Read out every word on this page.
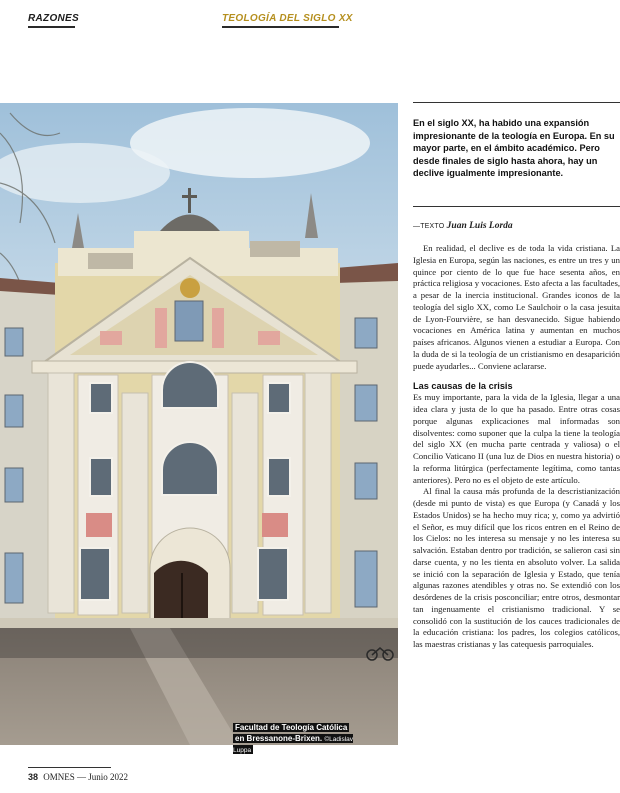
RAZONES	TEOLOGÍA DEL SIGLO XX
Facultad de Teología Católica
en Bressanone-Brixen. ©Ladislav Luppa
En el siglo XX, ha habido una expansión impresionante de la teología en Europa. En su mayor parte, en el ámbito académico. Pero desde finales de siglo hasta ahora, hay un declive igualmente impresionante.
—TEXTO Juan Luis Lorda

En realidad, el declive es de toda la vida cristiana. La Iglesia en Europa, según las naciones, es entre un tres y un quince por ciento de lo que fue hace sesenta años, en práctica religiosa y vocaciones. Esto afecta a las facultades, a pesar de la inercia institucional. Grandes iconos de la teología del siglo XX, como Le Saulchoir o la casa jesuita de Lyon-Fourvière, se han desvanecido. Sigue habiendo vocaciones en América latina y aumentan en muchos países africanos. Algunos vienen a estudiar a Europa. Con la duda de si la teología de un cristianismo en desaparición puede ayudarles... Conviene aclararse.

Las causas de la crisis

Es muy importante, para la vida de la Iglesia, llegar a una idea clara y justa de lo que ha pasado. Entre otras cosas porque algunas explicaciones mal informadas son disolventes: como suponer que la culpa la tiene la teología del siglo XX (en mucha parte centrada y valiosa) o el Concilio Vaticano II (una luz de Dios en nuestra historia) o la reforma litúrgica (perfectamente legítima, como tantas anteriores). Pero no es el objeto de este artículo.

Al final la causa más profunda de la descristianización (desde mi punto de vista) es que Europa (y Canadá y los Estados Unidos) se ha hecho muy rica; y, como ya advirtió el Señor, es muy difícil que los ricos entren en el Reino de los Cielos: no les interesa su mensaje y no les interesa su salvación. Estaban dentro por tradición, se salieron casi sin darse cuenta, y no les tienta en absoluto volver. La salida se inició con la separación de Iglesia y Estado, que tenía algunas razones atendibles y otras no. Se extendió con los desórdenes de la crisis posconciliar; entre otros, desmontar tan ingenuamente el cristianismo tradicional. Y se consolidó con la sustitución de los cauces tradicionales de la educación cristiana: los padres, los colegios católicos, las maestras cristianas y las catequesis parroquiales.

38 OMNES — Junio 2022
